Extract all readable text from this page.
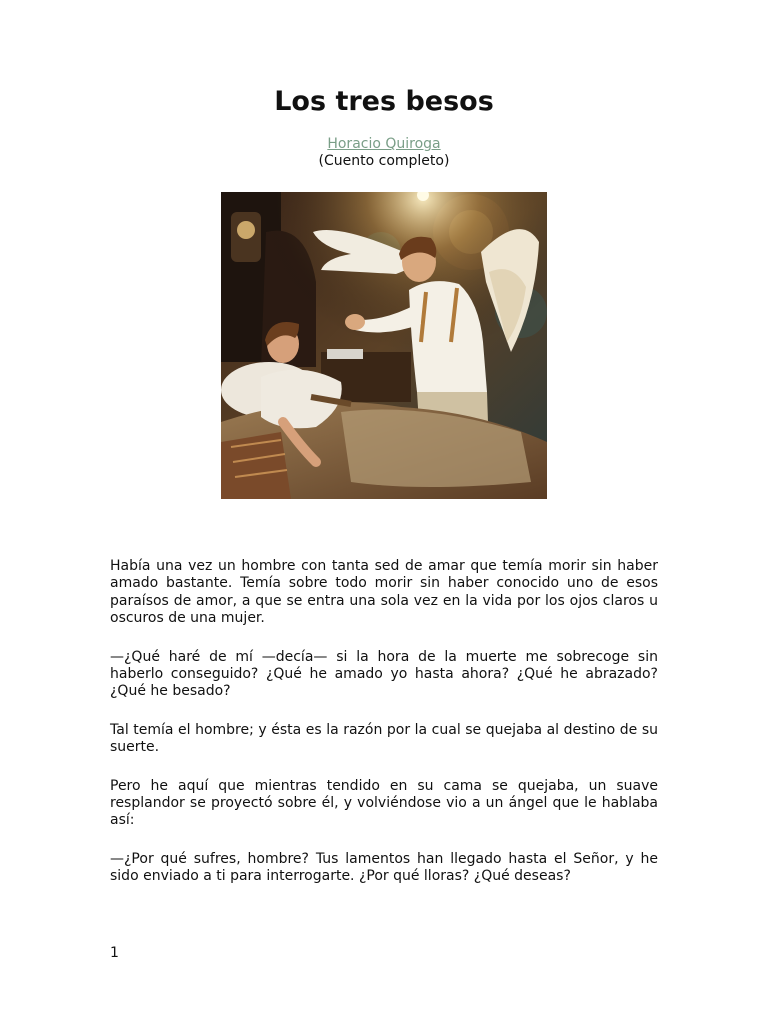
Los tres besos
Horacio Quiroga
(Cuento completo)

Había una vez un hombre con tanta sed de amar que temía morir sin haber amado bastante. Temía sobre todo morir sin haber conocido uno de esos paraísos de amor, a que se entra una sola vez en la vida por los ojos claros u oscuros de una mujer.

—¿Qué haré de mí —decía— si la hora de la muerte me sobrecoge sin haberlo conseguido? ¿Qué he amado yo hasta ahora? ¿Qué he abrazado? ¿Qué he besado?

Tal temía el hombre; y ésta es la razón por la cual se quejaba al destino de su suerte.

Pero he aquí que mientras tendido en su cama se quejaba, un suave resplandor se proyectó sobre él, y volviéndose vio a un ángel que le hablaba así:

—¿Por qué sufres, hombre? Tus lamentos han llegado hasta el Señor, y he sido enviado a ti para interrogarte. ¿Por qué lloras? ¿Qué deseas?

1
